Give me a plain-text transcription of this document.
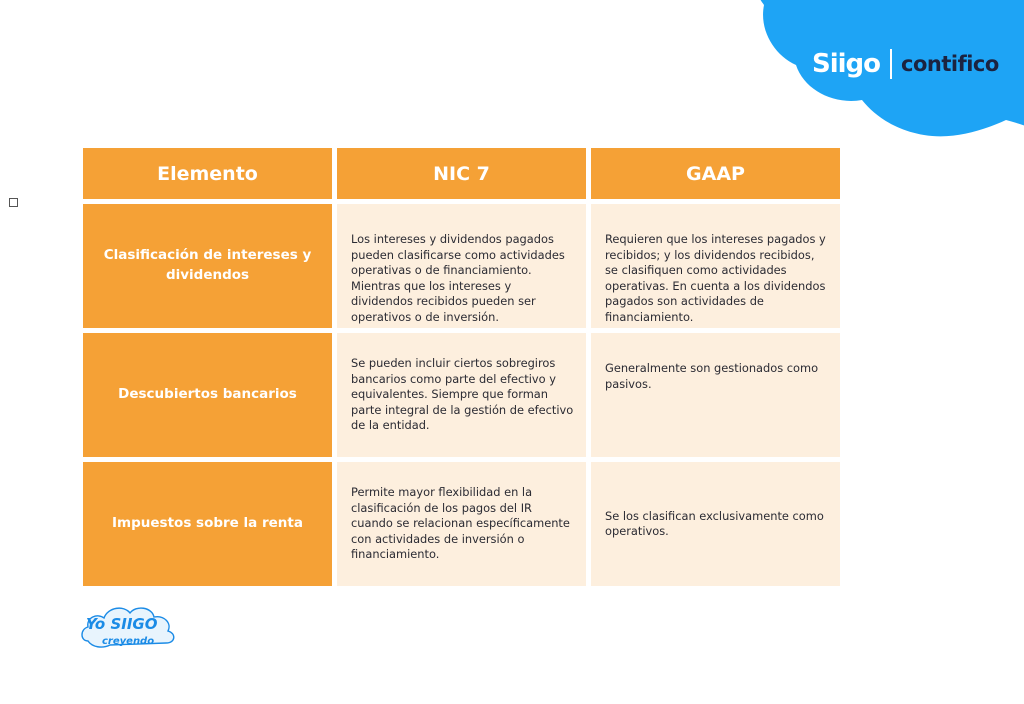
Siigo contifico
Elemento	NIC 7	GAAP
Clasificación de intereses y dividendos
Los intereses y dividendos pagados pueden clasificarse como actividades operativas o de financiamiento. Mientras que los intereses y dividendos recibidos pueden ser operativos o de inversión.
Requieren que los intereses pagados y recibidos; y los dividendos recibidos, se clasifiquen como actividades operativas. En cuenta a los dividendos pagados son actividades de financiamiento.
Descubiertos bancarios
Se pueden incluir ciertos sobregiros bancarios como parte del efectivo y equivalentes. Siempre que forman parte integral de la gestión de efectivo de la entidad.
Generalmente son gestionados como pasivos.
Impuestos sobre la renta
Permite mayor flexibilidad en la clasificación de los pagos del IR cuando se relacionan específicamente con actividades de inversión o financiamiento.
Se los clasifican exclusivamente como operativos.
Yo SIIGO
creyendo
